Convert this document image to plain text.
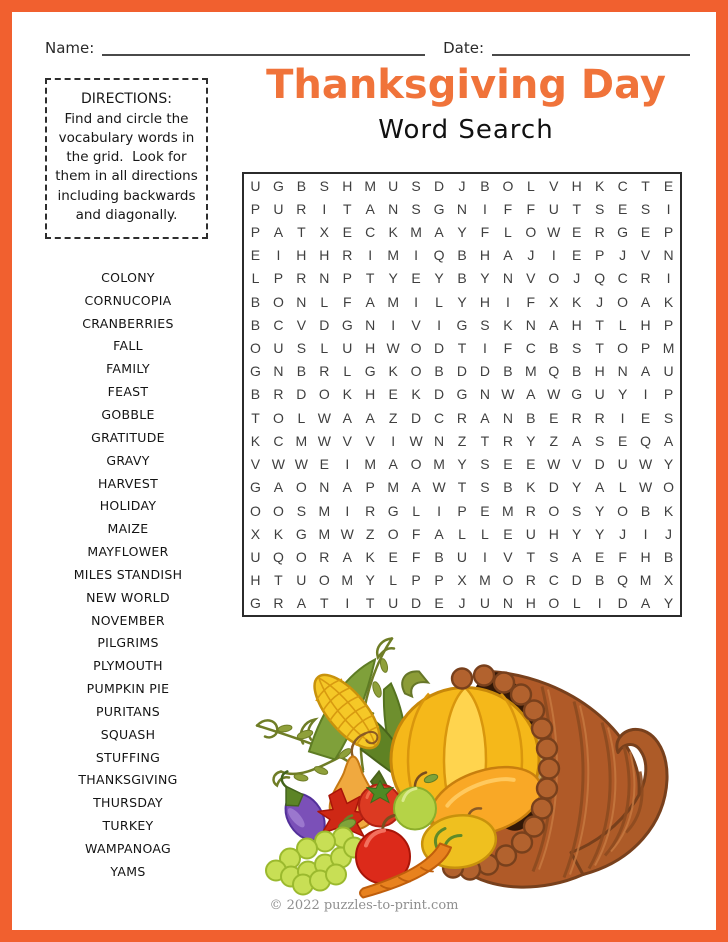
Name:	Date:
DIRECTIONS:
Find and circle the vocabulary words in the grid.  Look for them in all directions including backwards and diagonally.
Thanksgiving Day
Word Search
COLONY
CORNUCOPIA
CRANBERRIES
FALL
FAMILY
FEAST
GOBBLE
GRATITUDE
GRAVY
HARVEST
HOLIDAY
MAIZE
MAYFLOWER
MILES STANDISH
NEW WORLD
NOVEMBER
PILGRIMS
PLYMOUTH
PUMPKIN PIE
PURITANS
SQUASH
STUFFING
THANKSGIVING
THURSDAY
TURKEY
WAMPANOAG
YAMS
U G B S H M U S D	J	B O L	V H K C T	E
P U R	I	T	A N S G N	I	F	F U T	S E S	I
P A	T X E C K M A Y	F	L O W E R G E P
E	I	H H R	I	M	I	Q B H A	J	I	E P	J	V N
L	P R N P	T Y E Y B Y N V O	J	Q C R	I
B O N L	F	A M	I	L	Y H	I	F	X K	J	O A K
B C V D G N	I	V	I	G S K N A H T	L H P
O U S	L U H W O D T	I	F C B S	T O P M
G N B R	L G K O B D D B M Q B H N A U
B R D O K H E K D G N W A W G U Y	I	P
T O L W A A Z D C R A N B E R R	I	E S
K C M W V V	I	W N Z	T R Y	Z A S E Q A
V W W E	I	M A O M Y S E E W V D U W Y
G A O N A P M A W T	S B K D Y A	L W O
O O S M	I	R G L	I	P E M R O S Y O B K
X K G M W Z O F	A	L	L	E U H Y Y	J	I	J
U Q O R A K E	F	B U	I	V	T	S A E	F H B
H T U O M Y	L	P P X M O R C D B Q M X
G R A T	I	T U D E	J	U N H O L	I	D A Y
© 2022 puzzles-to-print.com
